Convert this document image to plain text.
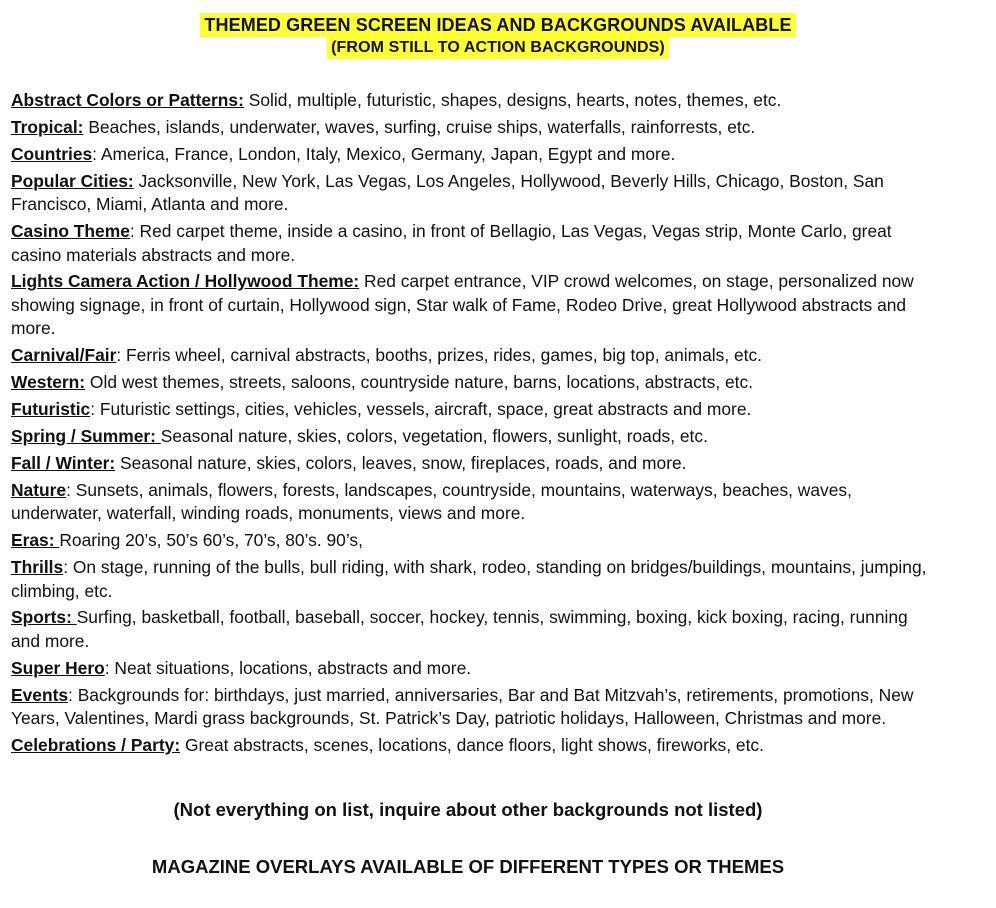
THEMED GREEN SCREEN IDEAS AND BACKGROUNDS AVAILABLE
(FROM STILL TO ACTION BACKGROUNDS)
Abstract Colors or Patterns: Solid, multiple, futuristic, shapes, designs, hearts, notes, themes, etc.
Tropical: Beaches, islands, underwater, waves, surfing, cruise ships, waterfalls, rainforrests, etc.
Countries: America, France, London, Italy, Mexico, Germany, Japan, Egypt and more.
Popular Cities: Jacksonville, New York, Las Vegas, Los Angeles, Hollywood, Beverly Hills, Chicago, Boston, San Francisco, Miami, Atlanta and more.
Casino Theme: Red carpet theme, inside a casino, in front of Bellagio, Las Vegas, Vegas strip, Monte Carlo, great casino materials abstracts and more.
Lights Camera Action / Hollywood Theme: Red carpet entrance, VIP crowd welcomes, on stage, personalized now showing signage, in front of curtain, Hollywood sign, Star walk of Fame, Rodeo Drive, great Hollywood abstracts and more.
Carnival/Fair: Ferris wheel, carnival abstracts, booths, prizes, rides, games, big top, animals, etc.
Western: Old west themes, streets, saloons, countryside nature, barns, locations, abstracts, etc.
Futuristic: Futuristic settings, cities, vehicles, vessels, aircraft, space, great abstracts and more.
Spring / Summer: Seasonal nature, skies, colors, vegetation, flowers, sunlight, roads, etc.
Fall / Winter: Seasonal nature, skies, colors, leaves, snow, fireplaces, roads, and more.
Nature: Sunsets, animals, flowers, forests, landscapes, countryside, mountains, waterways, beaches, waves, underwater, waterfall, winding roads, monuments, views and more.
Eras: Roaring 20’s, 50’s 60’s, 70’s, 80’s. 90’s,
Thrills: On stage, running of the bulls, bull riding, with shark, rodeo, standing on bridges/buildings, mountains, jumping, climbing, etc.
Sports: Surfing, basketball, football, baseball, soccer, hockey, tennis, swimming, boxing, kick boxing, racing, running and more.
Super Hero: Neat situations, locations, abstracts and more.
Events: Backgrounds for: birthdays, just married, anniversaries, Bar and Bat Mitzvah’s, retirements, promotions, New Years, Valentines, Mardi grass backgrounds, St. Patrick’s Day, patriotic holidays, Halloween, Christmas and more.
Celebrations / Party: Great abstracts, scenes, locations, dance floors, light shows, fireworks, etc.
(Not everything on list, inquire about other backgrounds not listed)
MAGAZINE OVERLAYS AVAILABLE OF DIFFERENT TYPES OR THEMES
